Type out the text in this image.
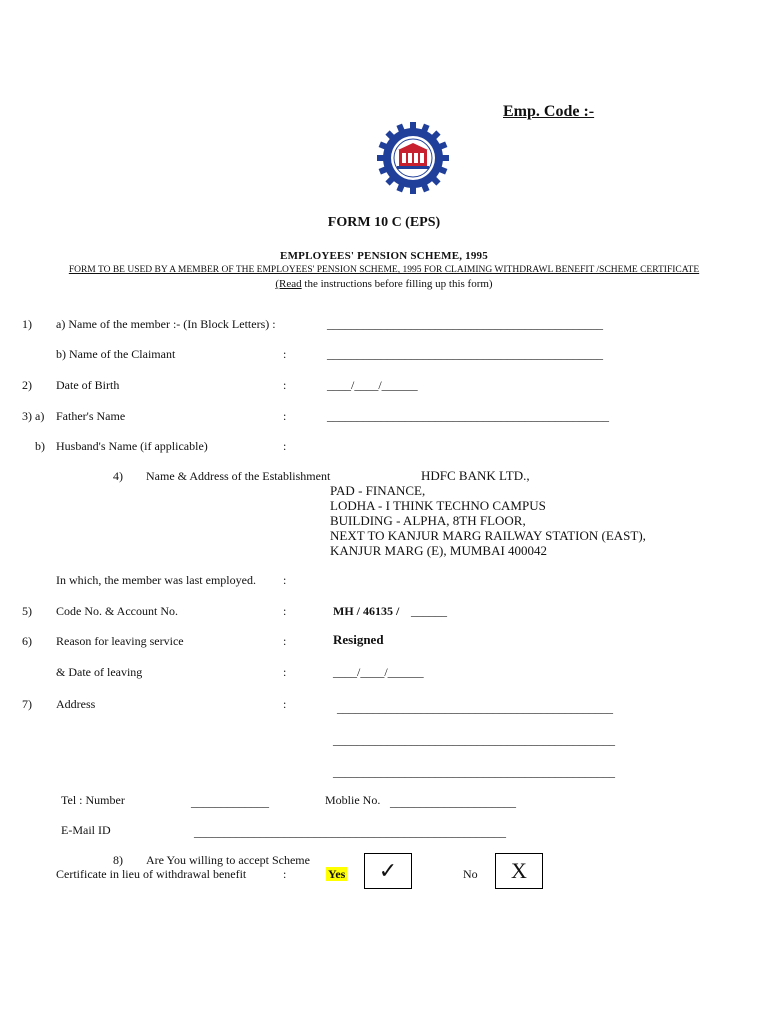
Emp. Code :-
FORM 10 C (EPS)
EMPLOYEES' PENSION SCHEME, 1995
FORM TO BE USED BY A MEMBER OF THE EMPLOYEES' PENSION SCHEME, 1995 FOR CLAIMING WITHDRAWL BENEFIT /SCHEME CERTIFICATE
(Read the instructions before filling up this form)
1) a) Name of the member :- (In Block Letters) :	______________________________________________
b) Name of the Claimant	:	______________________________________________
2) Date of Birth	:	____/____/______
3) a) Father's Name	:	_______________________________________________
b) Husband's Name (if applicable)	:
4) Name & Address of the Establishment	HDFC BANK LTD.,
PAD - FINANCE,
LODHA - I THINK TECHNO CAMPUS
BUILDING - ALPHA, 8TH FLOOR,
NEXT TO KANJUR MARG RAILWAY STATION (EAST),
KANJUR MARG (E), MUMBAI 400042
In which, the member was last employed. :
5) Code No. & Account No.	:	MH / 46135 / ______
6) Reason for leaving service	:	Resigned
& Date of leaving	:	____/____/______
7) Address	:	______________________________________________
_______________________________________________
_______________________________________________
Tel : Number	_____________	Moblie No. _____________________
E-Mail ID	____________________________________________________
8) Are You willing to accept Scheme
Certificate in lieu of withdrawal benefit	:	Yes ✓	No X
